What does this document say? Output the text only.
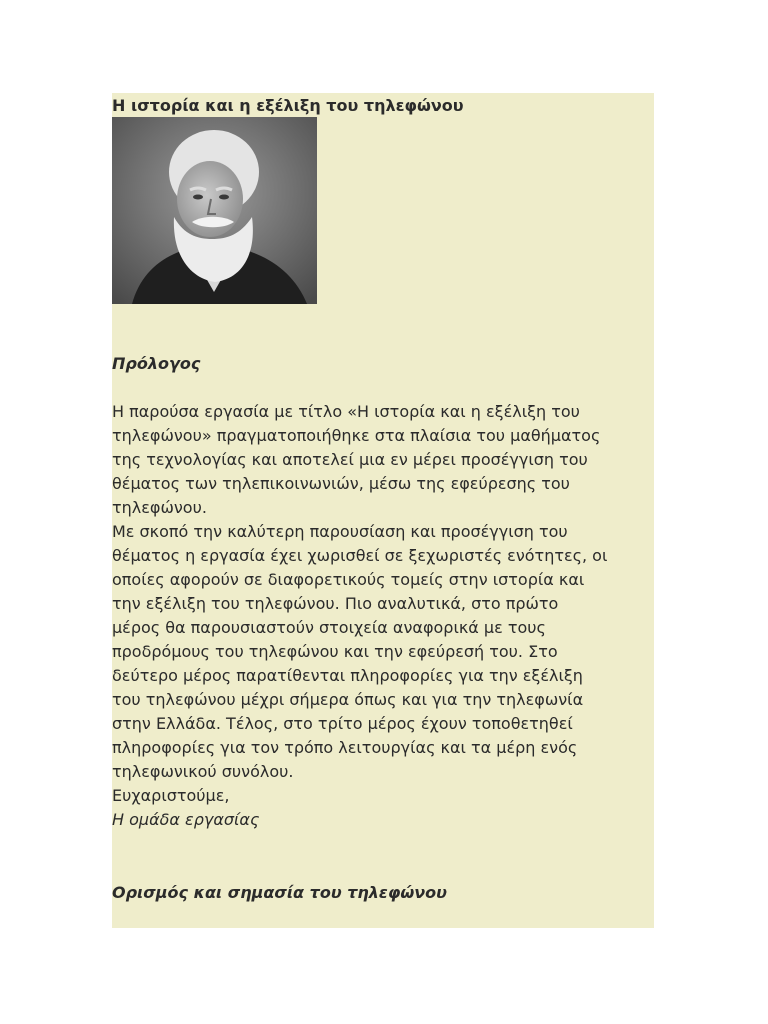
Η ιστορία και η εξέλιξη του τηλεφώνου
Πρόλογος

Η παρούσα εργασία με τίτλο «Η ιστορία και η εξέλιξη του

τηλεφώνου» πραγματοποιήθηκε στα πλαίσια του μαθήματος

της τεχνολογίας και αποτελεί μια εν μέρει προσέγγιση του

θέματος των τηλεπικοινωνιών, μέσω της εφεύρεσης του

τηλεφώνου.

Με σκοπό την καλύτερη παρουσίαση και προσέγγιση του

θέματος η εργασία έχει χωρισθεί σε ξεχωριστές ενότητες, οι

οποίες αφορούν σε διαφορετικούς τομείς στην ιστορία και

την εξέλιξη του τηλεφώνου. Πιο αναλυτικά, στο πρώτο

μέρος θα παρουσιαστούν στοιχεία αναφορικά με τους

προδρόμους του τηλεφώνου και την εφεύρεσή του. Στο

δεύτερο μέρος παρατίθενται πληροφορίες για την εξέλιξη

του τηλεφώνου μέχρι σήμερα όπως και για την τηλεφωνία

στην Ελλάδα. Τέλος, στο τρίτο μέρος έχουν τοποθετηθεί

πληροφορίες για τον τρόπο λειτουργίας και τα μέρη ενός

τηλεφωνικού συνόλου.

Ευχαριστούμε,

Η ομάδα εργασίας

Ορισμός και σημασία του τηλεφώνου
